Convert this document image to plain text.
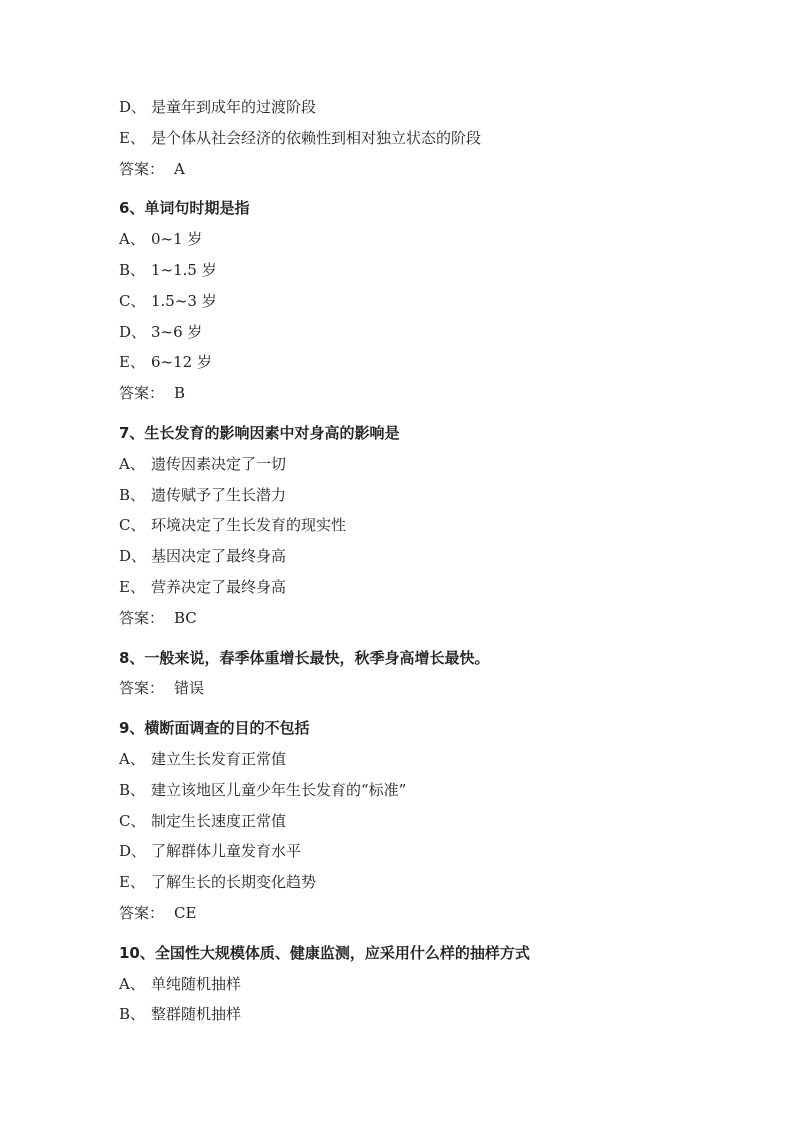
D、 是童年到成年的过渡阶段
E、 是个体从社会经济的依赖性到相对独立状态的阶段
答案： A
6、单词句时期是指
A、 0~1 岁
B、 1~1.5 岁
C、 1.5~3 岁
D、 3~6 岁
E、 6~12 岁
答案： B
7、生长发育的影响因素中对身高的影响是
A、 遗传因素决定了一切
B、 遗传赋予了生长潜力
C、 环境决定了生长发育的现实性
D、 基因决定了最终身高
E、 营养决定了最终身高
答案： BC
8、一般来说，春季体重增长最快，秋季身高增长最快。
答案： 错误
9、横断面调查的目的不包括
A、 建立生长发育正常值
B、 建立该地区儿童少年生长发育的“标准”
C、 制定生长速度正常值
D、 了解群体儿童发育水平
E、 了解生长的长期变化趋势
答案： CE
10、全国性大规模体质、健康监测，应采用什么样的抽样方式
A、 单纯随机抽样
B、 整群随机抽样
